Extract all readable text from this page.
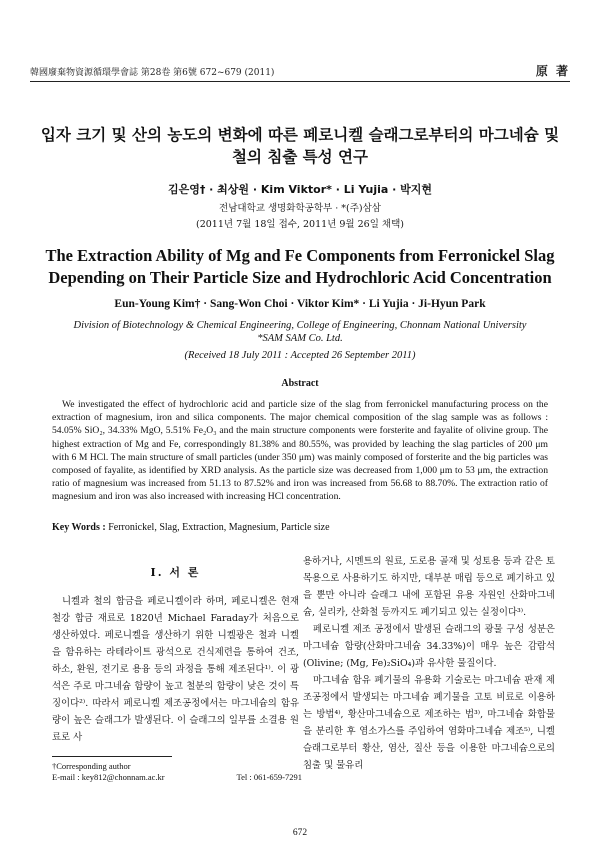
韓國廢棄物資源循環學會誌 第28卷 第6號 672~679 (2011)	原 著
입자 크기 및 산의 농도의 변화에 따른 페로니켈 슬래그로부터의 마그네슘 및 철의 침출 특성 연구
김은영† · 최상원 · Kim Viktor* · Li Yujia · 박지현
전남대학교 생명화학공학부 · *(주)삼삼
(2011년 7월 18일 접수, 2011년 9월 26일 채택)
The Extraction Ability of Mg and Fe Components from Ferronickel Slag Depending on Their Particle Size and Hydrochloric Acid Concentration
Eun-Young Kim† · Sang-Won Choi · Viktor Kim* · Li Yujia · Ji-Hyun Park
Division of Biotechnology & Chemical Engineering, College of Engineering, Chonnam National University
*SAM SAM Co. Ltd.
(Received 18 July 2011 : Accepted 26 September 2011)
Abstract
We investigated the effect of hydrochloric acid and particle size of the slag from ferronickel manufacturing process on the extraction of magnesium, iron and silica components. The major chemical composition of the slag sample was as follows : 54.05% SiO₂, 34.33% MgO, 5.51% Fe₂O₃ and the main structure components were forsterite and fayalite of olivine group. The highest extraction of Mg and Fe, correspondingly 81.38% and 80.55%, was provided by leaching the slag particles of 200 μm with 6 M HCl. The main structure of small particles (under 350 μm) was mainly composed of forsterite and the big particles was composed of fayalite, as identified by XRD analysis. As the particle size was decreased from 1,000 μm to 53 μm, the extraction ratio of magnesium was increased from 51.13 to 87.52% and iron was increased from 56.68 to 88.70%. The extraction ratio of magnesium and iron was also increased with increasing HCl concentration.
Key Words : Ferronickel, Slag, Extraction, Magnesium, Particle size
I. 서 론

니켈과 철의 합금을 페로니켈이라 하며, 페로니켈은 현재 철강 합금 재료로 1820년 Michael Faraday가 처음으로 생산하였다. 페로니켈을 생산하기 위한 니켈광은 철과 니켈을 함유하는 라테라이트 광석으로 건식제련을 통하여 건조, 하소, 환원, 전기로 용융 등의 과정을 통해 제조된다¹⁾. 이 광석은 주로 마그네슘 함량이 높고 철분의 함량이 낮은 것이 특징이다²⁾. 따라서 페로니켈 제조공정에서는 마그네슘의 함유량이 높은 슬래그가 발생된다. 이 슬래그의 일부를 소결용 원료로 사

용하거나, 시멘트의 원료, 도로용 골재 및 성토용 등과 같은 토목용으로 사용하기도 하지만, 대부분 매립 등으로 폐기하고 있을 뿐만 아니라 슬래그 내에 포함된 유용 자원인 산화마그네슘, 실리카, 산화철 등까지도 폐기되고 있는 실정이다³⁾.

페로니켈 제조 공정에서 발생된 슬래그의 광물 구성 성분은 마그네슘 함량(산화마그네슘 34.33%)이 매우 높은 감람석(Olivine; (Mg, Fe)₂SiO₄)과 유사한 물질이다.

마그네슘 함유 폐기물의 유용화 기술로는 마그네슘 판재 제조공정에서 발생되는 마그네슘 폐기물을 고토 비료로 이용하는 방법⁴⁾, 황산마그네슘으로 제조하는 법³⁾, 마그네슘 화합물을 분리한 후 염소가스를 주입하여 염화마그네슘 제조⁵⁾, 니켈 슬래그로부터 황산, 염산, 질산 등을 이용한 마그네슘으로의 침출 및 물유리

†Corresponding author
E-mail : key812@chonnam.ac.kr	Tel : 061-659-7291
672
